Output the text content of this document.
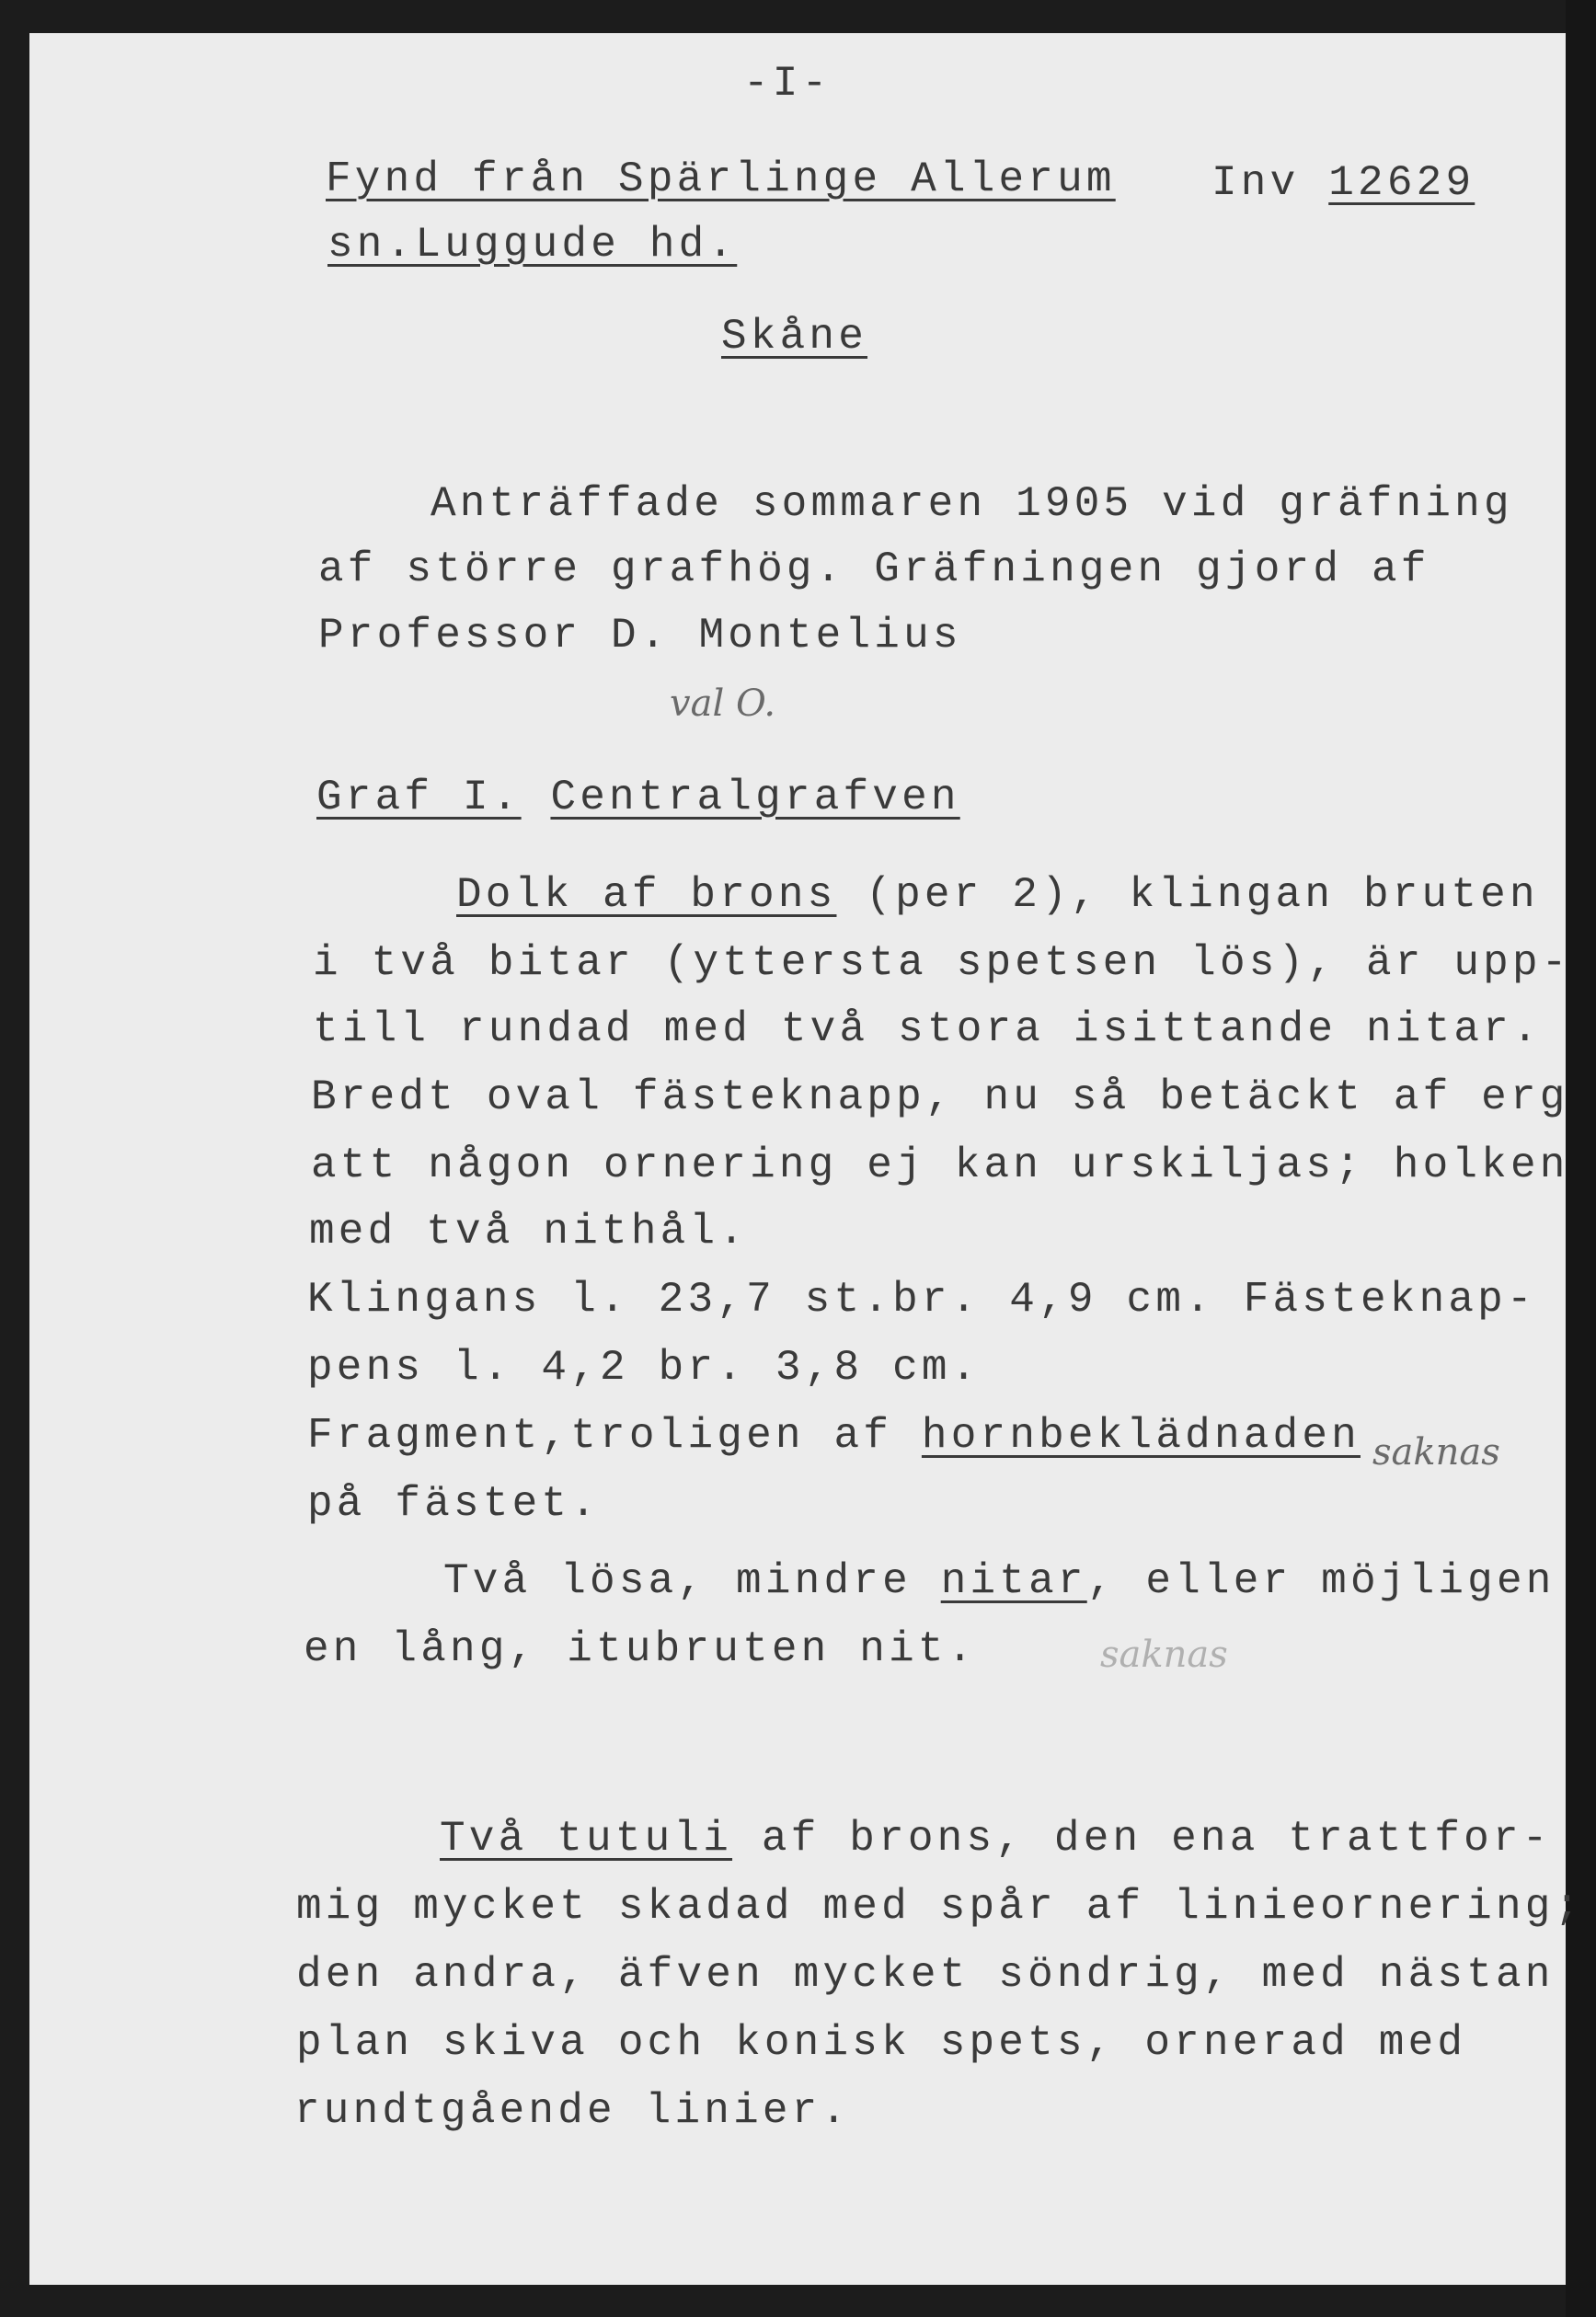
-I-
Fynd från Spärlinge Allerum Inv 12629
sn.Luggude hd.
Skåne
Anträffade sommaren 1905 vid gräfning
af större grafhög. Gräfningen gjord af
Professor D. Montelius
val O.
Graf I. Centralgrafven
Dolk af brons (per 2), klingan bruten
i två bitar (yttersta spetsen lös), är upp-
till rundad med två stora isittande nitar.
Bredt oval fästeknapp, nu så betäckt af erg
att någon ornering ej kan urskiljas; holken
med två nithål.
Klingans l. 23,7 st.br. 4,9 cm. Fästeknap-
pens l. 4,2 br. 3,8 cm.
Fragment,troligen af hornbeklädnaden saknas
på fästet.
Två lösa, mindre nitar, eller möjligen
en lång, itubruten nit.	saknas
Två tutuli af brons, den ena trattfor-
mig mycket skadad med spår af linieornering;
den andra, äfven mycket söndrig, med nästan
plan skiva och konisk spets, ornerad med
rundtgående linier.
